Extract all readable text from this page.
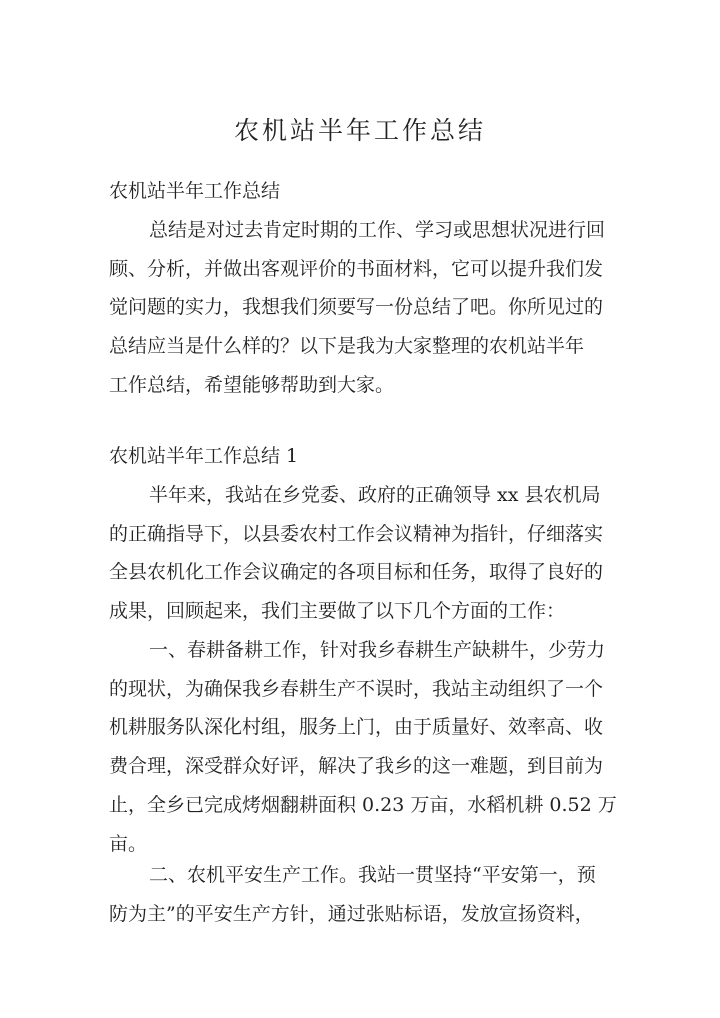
农机站半年工作总结

农机站半年工作总结

总结是对过去肯定时期的工作、学习或思想状况进行回
顾、分析，并做出客观评价的书面材料，它可以提升我们发
觉问题的实力，我想我们须要写一份总结了吧。你所见过的
总结应当是什么样的？以下是我为大家整理的农机站半年
工作总结，希望能够帮助到大家。

农机站半年工作总结 1

半年来，我站在乡党委、政府的正确领导 xx 县农机局
的正确指导下，以县委农村工作会议精神为指针，仔细落实
全县农机化工作会议确定的各项目标和任务，取得了良好的
成果，回顾起来，我们主要做了以下几个方面的工作：
一、春耕备耕工作，针对我乡春耕生产缺耕牛，少劳力
的现状，为确保我乡春耕生产不误时，我站主动组织了一个
机耕服务队深化村组，服务上门，由于质量好、效率高、收
费合理，深受群众好评，解决了我乡的这一难题，到目前为
止，全乡已完成烤烟翻耕面积 0.23 万亩，水稻机耕 0.52 万
亩。
二、农机平安生产工作。我站一贯坚持“平安第一，预
防为主”的平安生产方针，通过张贴标语，发放宣扬资料，
